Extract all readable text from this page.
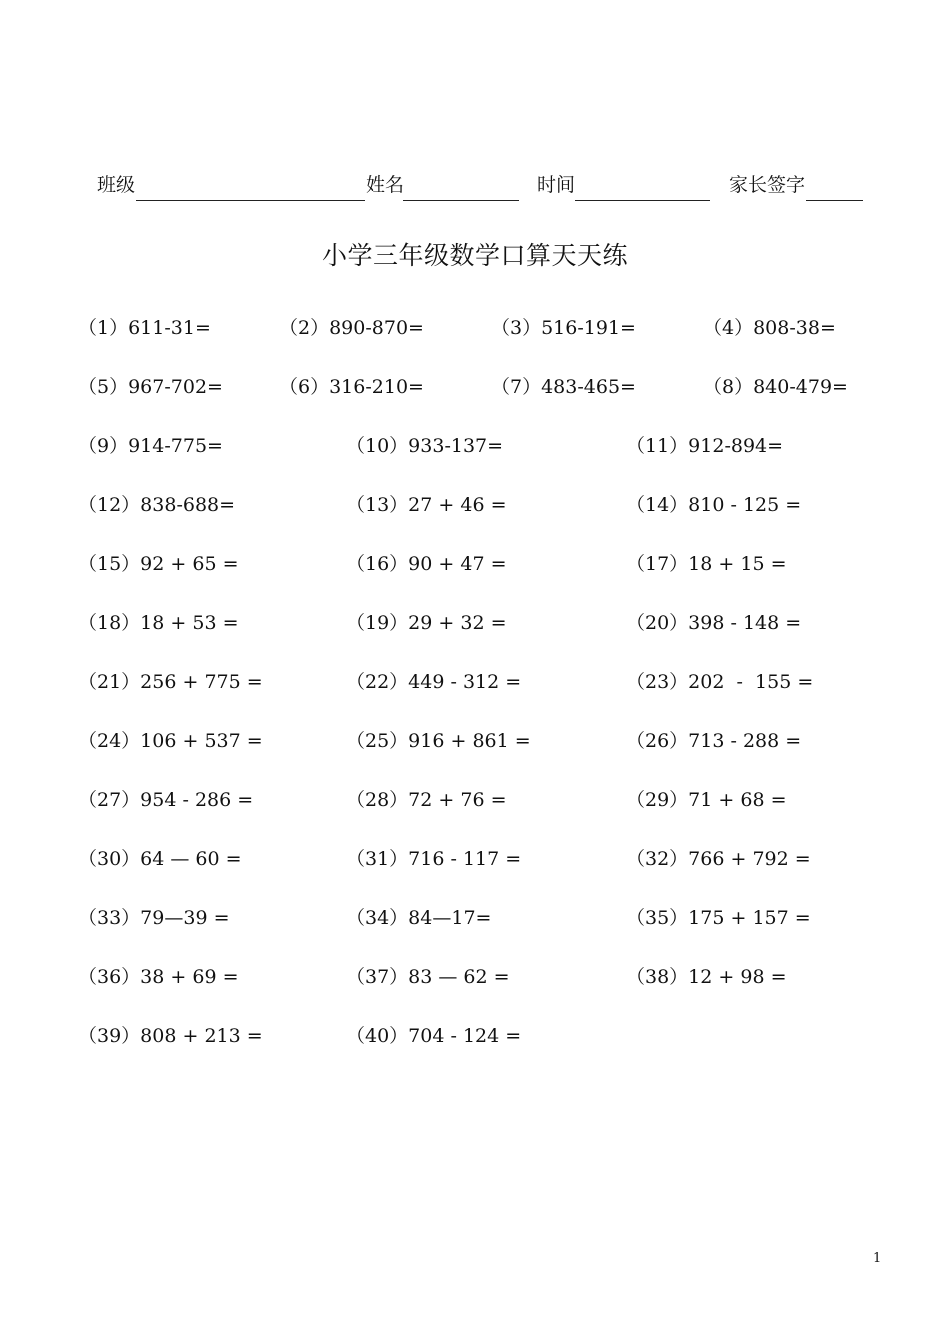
班级	姓名	时间	家长签字
小学三年级数学口算天天练
（1）611-31=	（2）890-870=	（3）516-191=	（4）808-38=
（5）967-702=	（6）316-210=	（7）483-465=	（8）840-479=
（9）914-775=	（10）933-137=	（11）912-894=
（12）838-688=	（13）27 + 46 =	（14）810 - 125 =
（15）92 + 65 =	（16）90 + 47 =	（17）18 + 15 =
（18）18 + 53 =	（19）29 + 32 =	（20）398 - 148 =
（21）256 + 775 =	（22）449 - 312 =	（23）202  -  155 =
（24）106 + 537 =	（25）916 + 861 =	（26）713 - 288 =
（27）954 - 286 =	（28）72 + 76 =	（29）71 + 68 =
（30）64 — 60 =	（31）716 - 117 =	（32）766 + 792 =
（33）79—39 =	（34）84—17=	（35）175 + 157 =
（36）38 + 69 =	（37）83 — 62 =	（38）12 + 98 =
（39）808 + 213 =	（40）704 - 124 =
1
